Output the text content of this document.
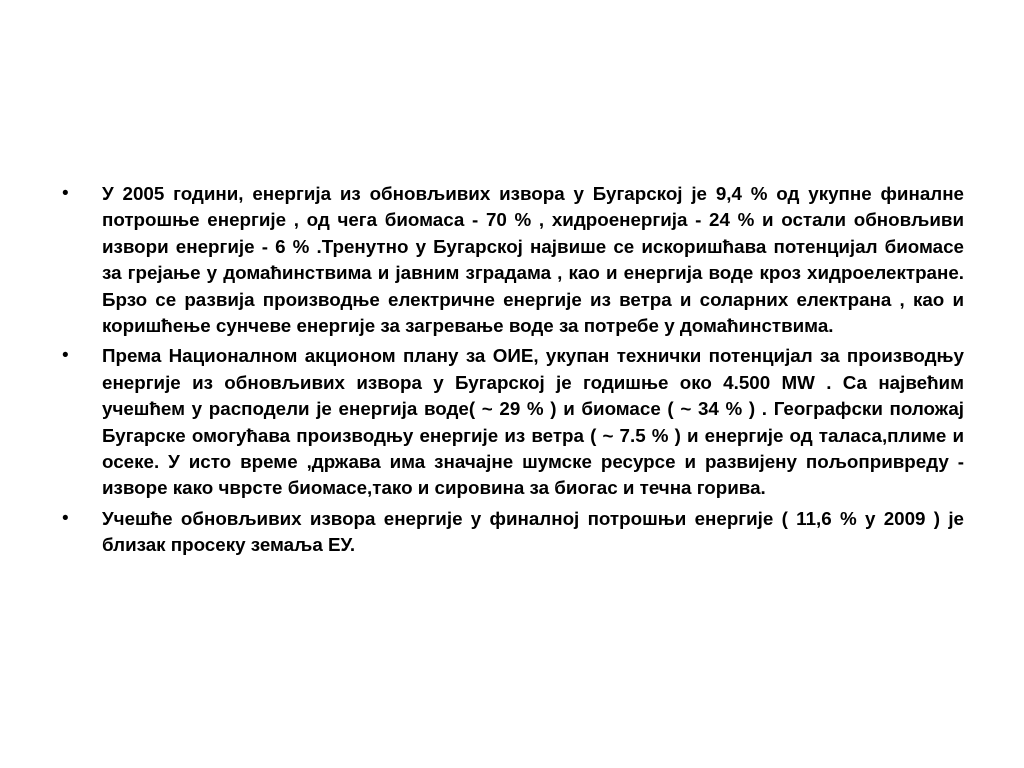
•	У 2005 години, енергија из обновљивих извора у Бугарској је 9,4 % од укупне финалне потрошње енергије , од чега биомаса - 70 % , хидроенергија - 24 % и остали обновљиви извори енергије - 6 % .Тренутно у Бугарској највише се искоришћава потенцијал биомасе за грејање у домаћинствима и јавним зградама , као и енергија воде кроз хидроелектране. Брзо се развија производње електричне енергије из ветра и соларних електрана , као и коришћење сунчеве енергије за загревање воде за потребе у домаћинствима.
•	Према Националном акционом плану за ОИЕ, укупан технички потенцијал за производњу енергије из обновљивих извора у Бугарској је годишње око 4.500 MW . Са највећим учешћем у расподели је енергија воде( ~ 29 % ) и биомасе ( ~ 34 % ) . Географски положај Бугарске омогућава производњу енергије из ветра ( ~ 7.5 % ) и енергије од таласа,плиме и осеке. У исто време ,држава има значајне шумске ресурсе и развијену пољопривреду - изворе како чврсте биомасе,тако и сировина за биогас и течна горива.
•	Учешће обновљивих извора енергије у финалној потрошњи енергије ( 11,6 % у 2009 ) је близак просеку земаља ЕУ.
